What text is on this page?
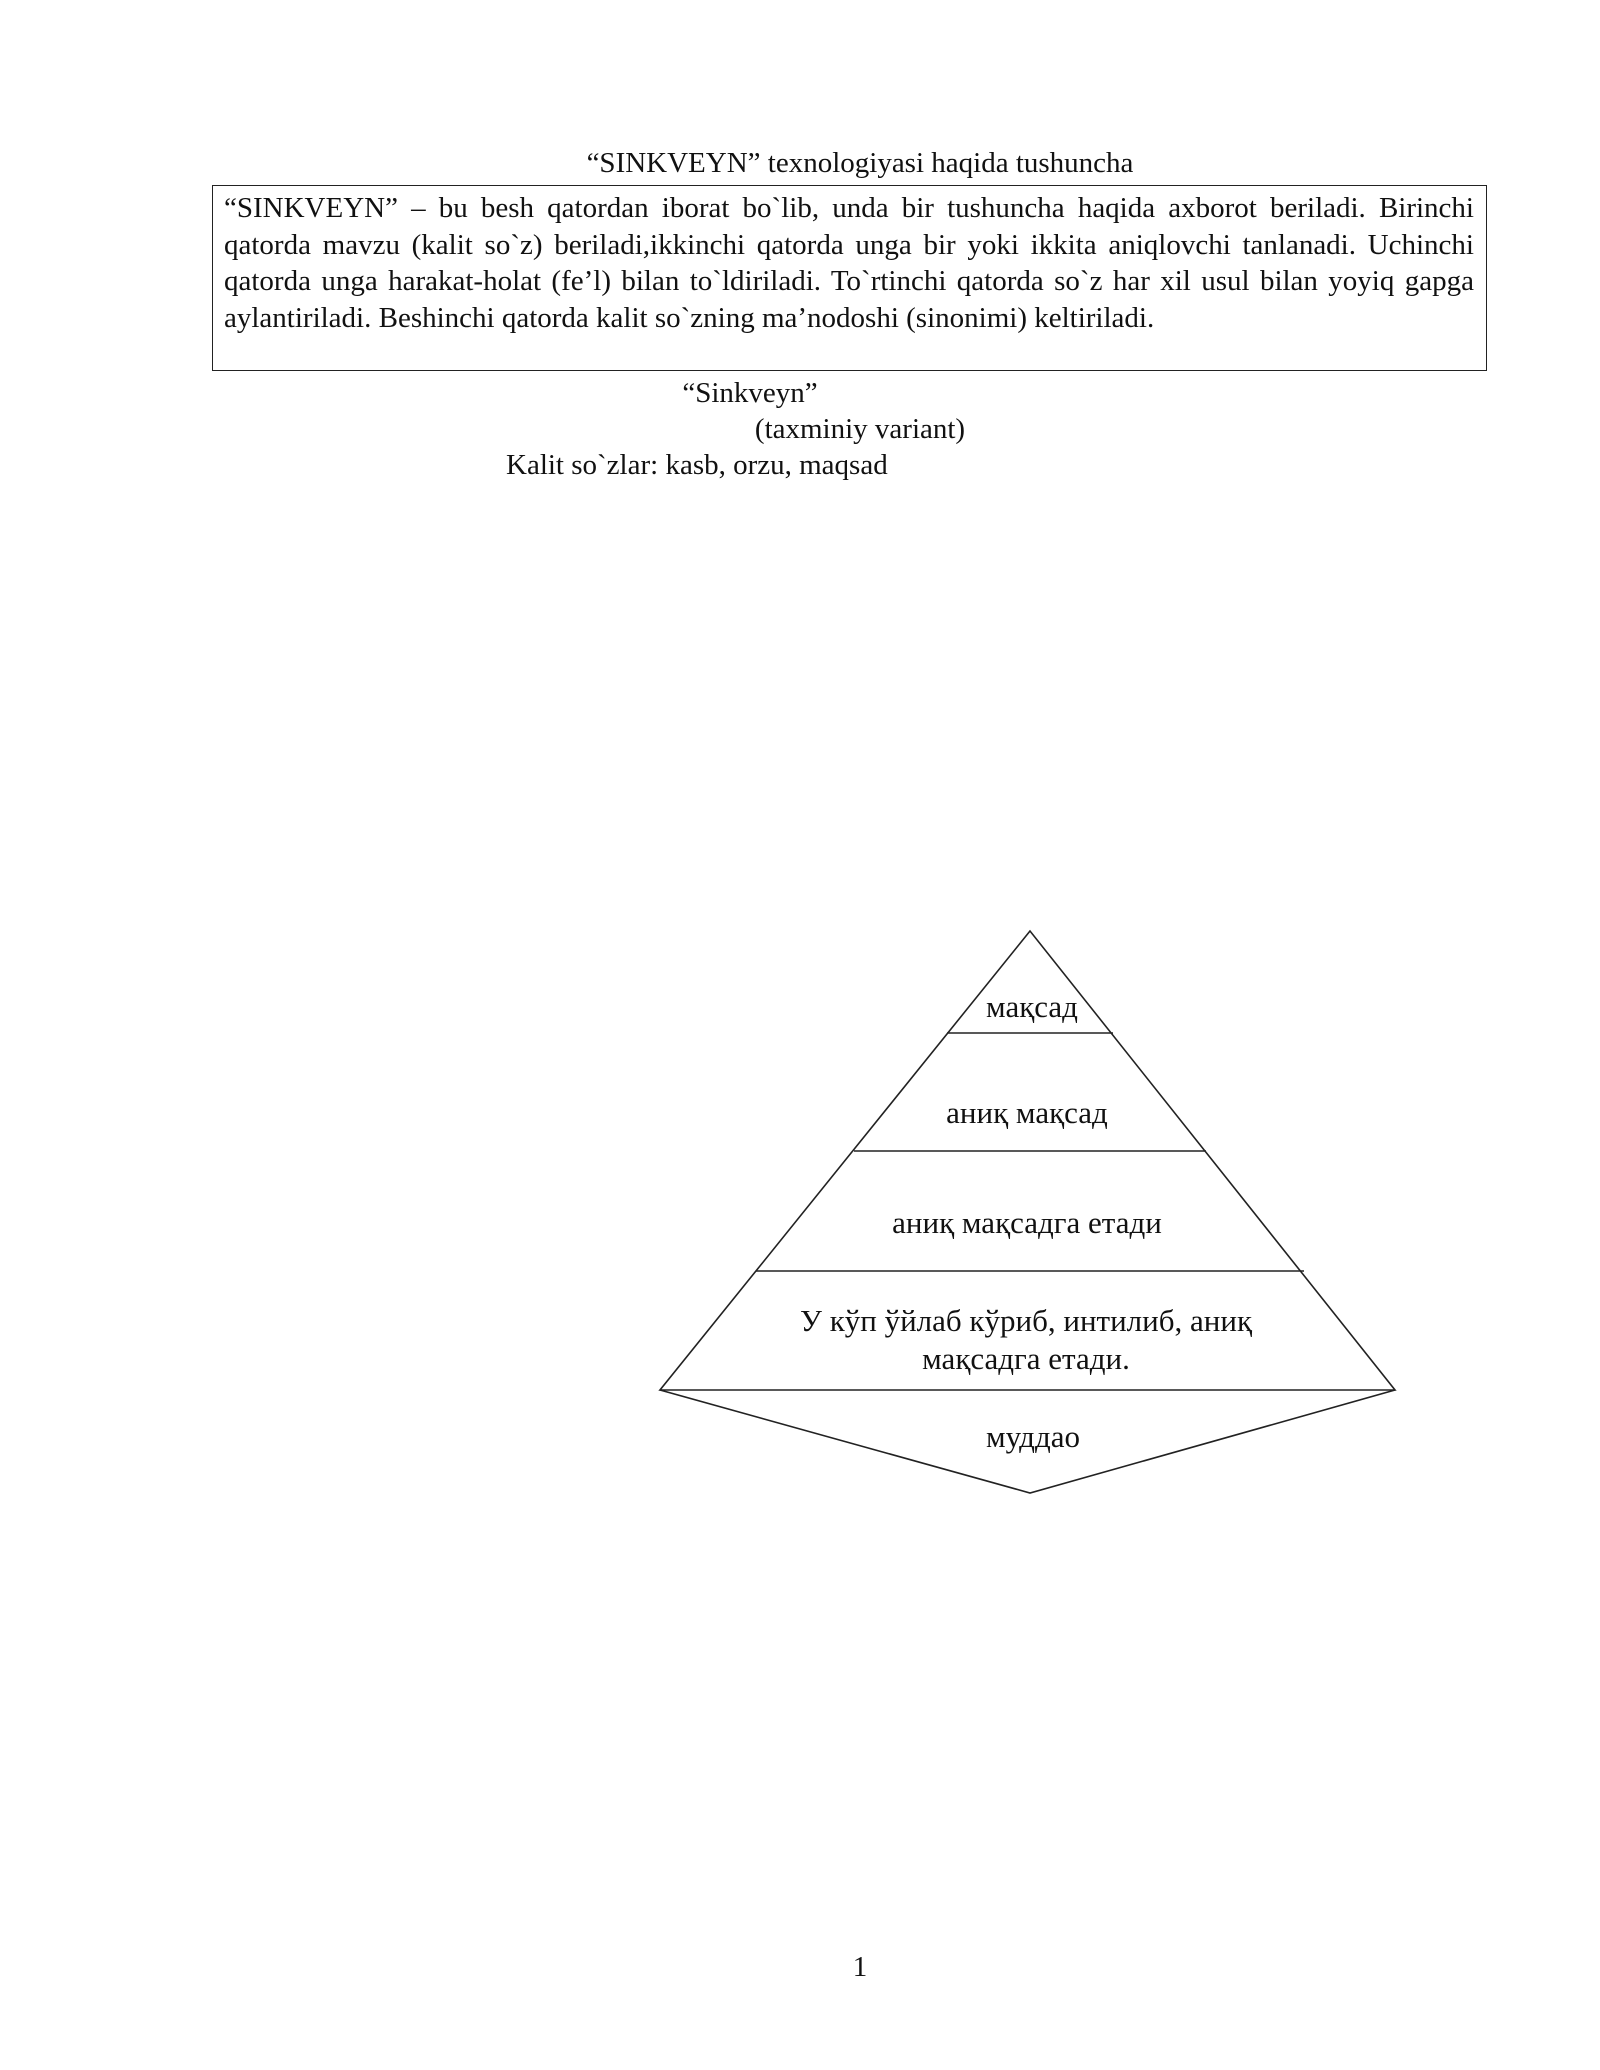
“SINKVEYN” texnologiyasi haqida tushuncha
“SINKVEYN” – bu besh qatordan iborat bo`lib, unda bir tushuncha haqida axborot beriladi. Birinchi qatorda mavzu (kalit so`z) beriladi,ikkinchi qatorda unga bir yoki ikkita aniqlovchi tanlanadi. Uchinchi qatorda unga harakat-holat (fe’l) bilan to`ldiriladi. To`rtinchi qatorda so`z har xil usul bilan yoyiq gapga aylantiriladi. Beshinchi qatorda kalit so`zning ma’nodoshi (sinonimi) keltiriladi.
“Sinkveyn”
(taxminiy variant)
Kalit so`zlar: kasb, orzu, maqsad
мақсад
аниқ мақсад
аниқ мақсадга етади
У кўп ўйлаб кўриб, интилиб, аниқ
мақсадга етади.
муддао
1
